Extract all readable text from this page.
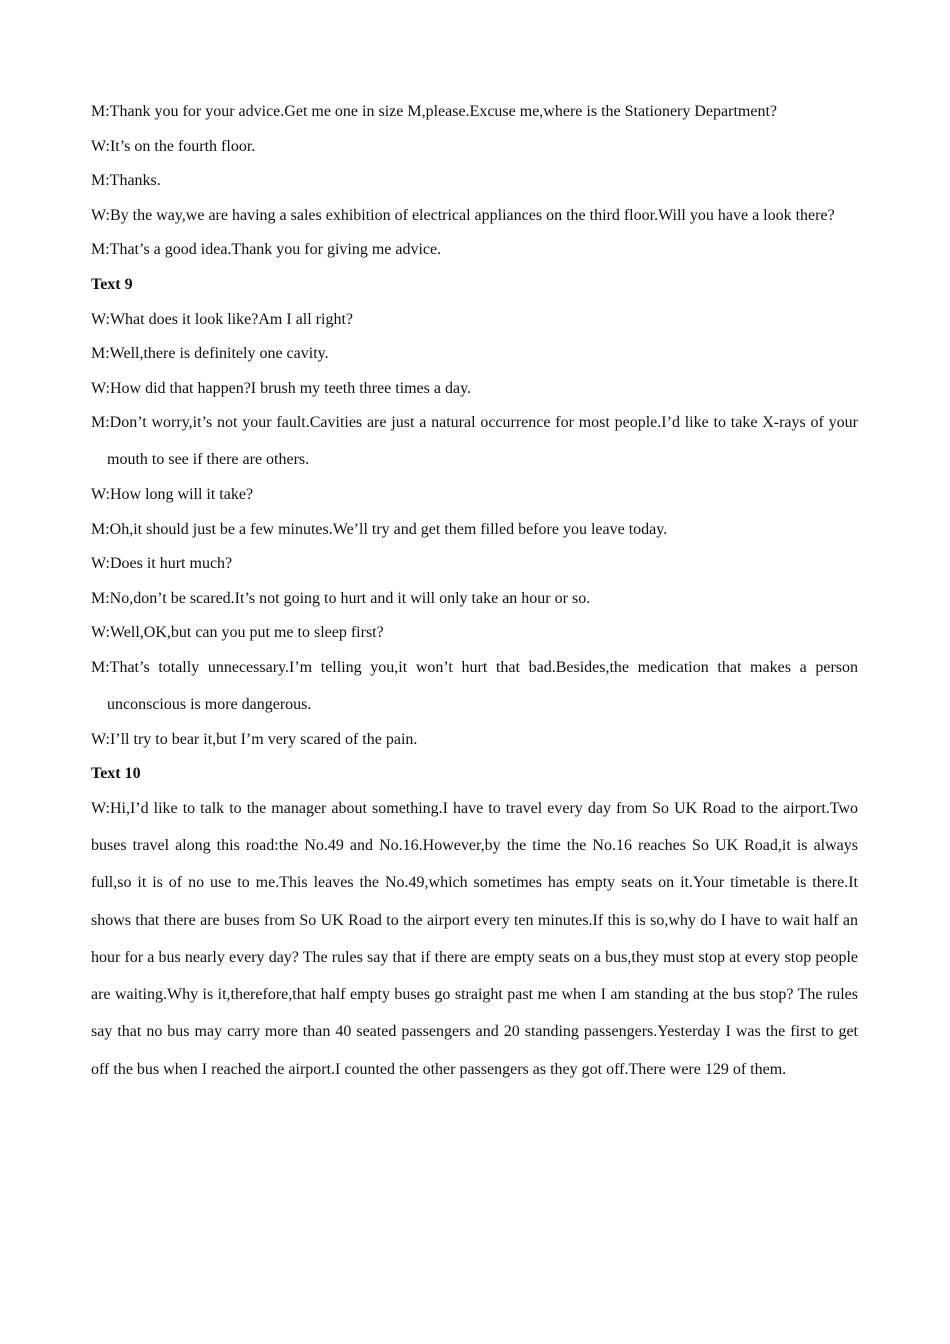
M:Thank you for your advice.Get me one in size M,please.Excuse me,where is the Stationery Department?

W:It’s on the fourth floor.

M:Thanks.

W:By the way,we are having a sales exhibition of electrical appliances on the third floor.Will you have a look there?

M:That’s a good idea.Thank you for giving me advice.

Text 9

W:What does it look like?Am I all right?

M:Well,there is definitely one cavity.

W:How did that happen?I brush my teeth three times a day.

M:Don’t worry,it’s not your fault.Cavities are just a natural occurrence for most people.I’d like to take X-rays of your mouth to see if there are others.

W:How long will it take?

M:Oh,it should just be a few minutes.We’ll try and get them filled before you leave today.

W:Does it hurt much?

M:No,don’t be scared.It’s not going to hurt and it will only take an hour or so.

W:Well,OK,but can you put me to sleep first?

M:That’s totally unnecessary.I’m telling you,it won’t hurt that bad.Besides,the medication that makes a person unconscious is more dangerous.

W:I’ll try to bear it,but I’m very scared of the pain.

Text 10

W:Hi,I’d like to talk to the manager about something.I have to travel every day from So UK Road to the airport.Two buses travel along this road:the No.49 and No.16.However,by the time the No.16 reaches So UK Road,it is always full,so it is of no use to me.This leaves the No.49,which sometimes has empty seats on it.Your timetable is there.It shows that there are buses from So UK Road to the airport every ten minutes.If this is so,why do I have to wait half an hour for a bus nearly every day? The rules say that if there are empty seats on a bus,they must stop at every stop people are waiting.Why is it,therefore,that half empty buses go straight past me when I am standing at the bus stop? The rules say that no bus may carry more than 40 seated passengers and 20 standing passengers.Yesterday I was the first to get off the bus when I reached the airport.I counted the other passengers as they got off.There were 129 of them.
